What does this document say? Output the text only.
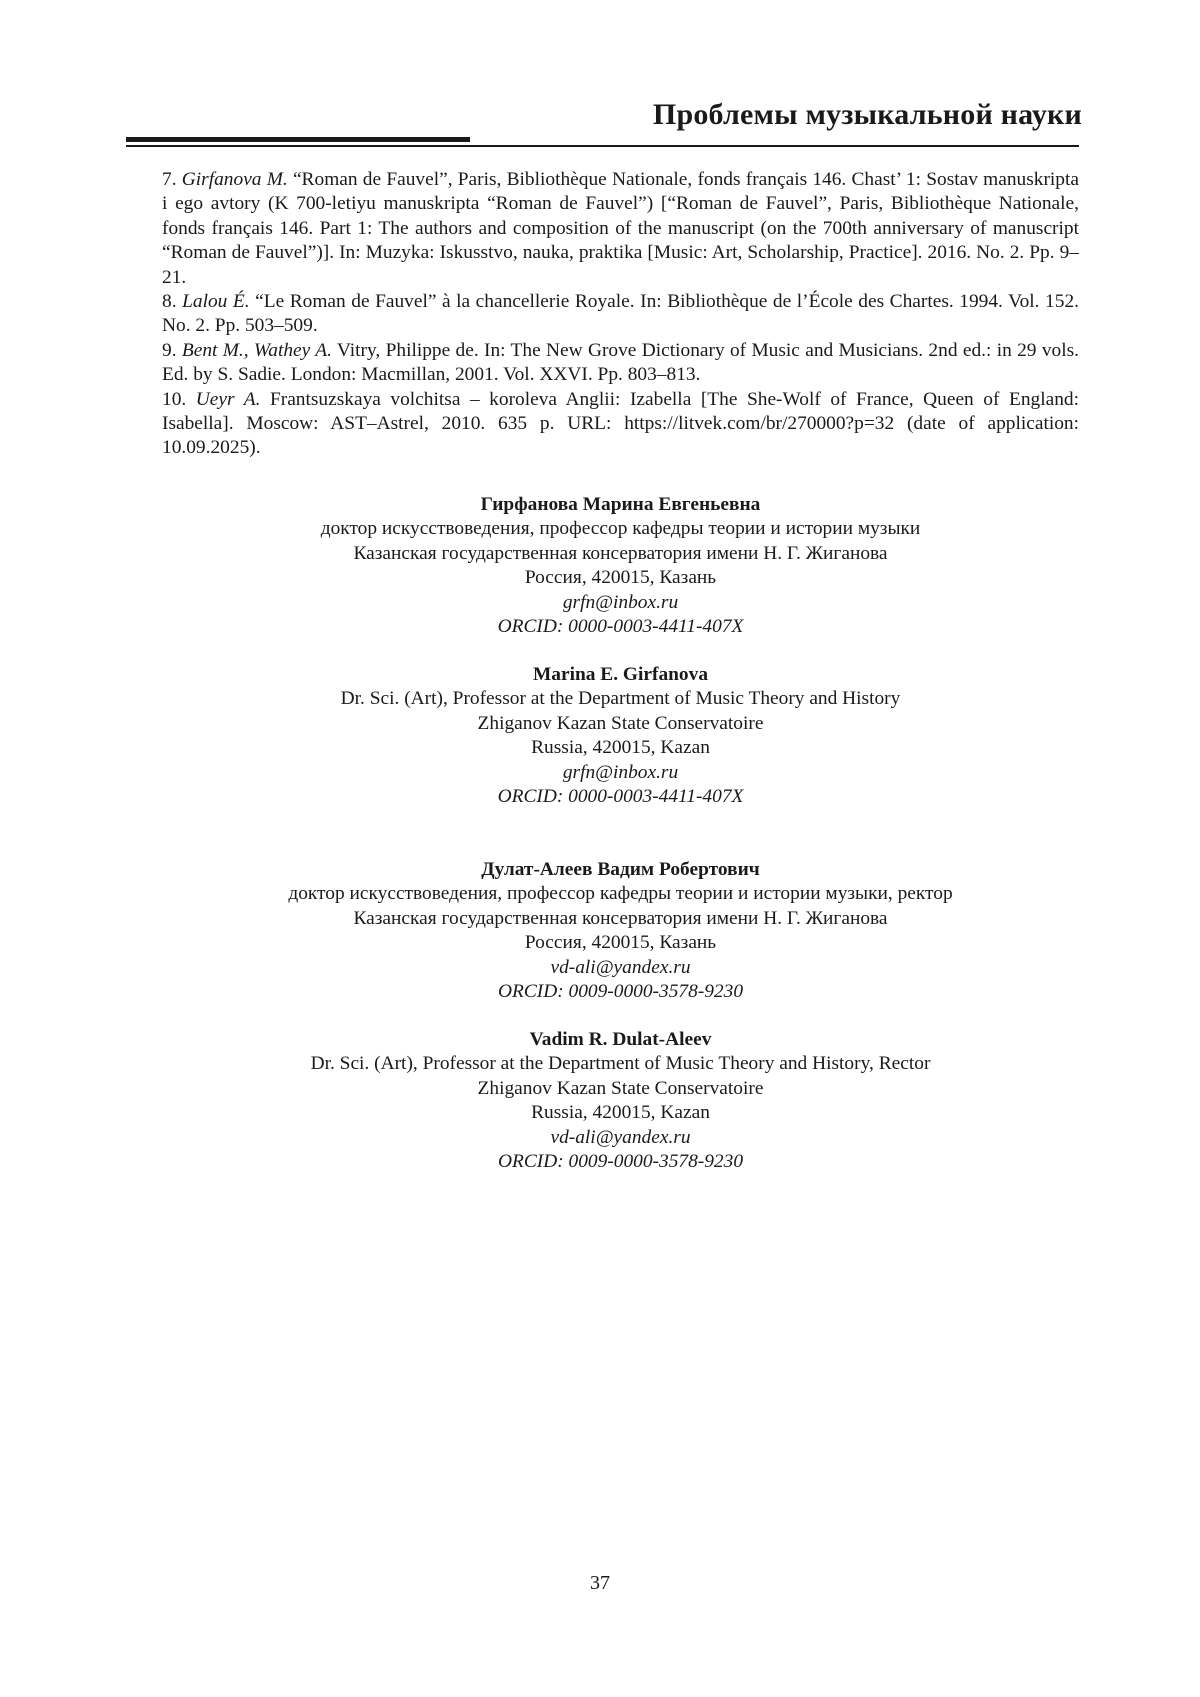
Проблемы музыкальной науки
7. Girfanova M. “Roman de Fauvel”, Paris, Bibliothèque Nationale, fonds français 146. Chast’ 1: Sostav manuskripta i ego avtory (K 700-letiyu manuskripta “Roman de Fauvel”) [“Roman de Fauvel”, Paris, Bibliothèque Nationale, fonds français 146. Part 1: The authors and composition of the manuscript (on the 700th anniversary of manuscript “Roman de Fauvel”)]. In: Muzyka: Iskusstvo, nauka, praktika [Music: Art, Scholarship, Practice]. 2016. No. 2. Pp. 9–21.
8. Lalou É. “Le Roman de Fauvel” à la chancellerie Royale. In: Bibliothèque de l’École des Chartes. 1994. Vol. 152. No. 2. Pp. 503–509.
9. Bent M., Wathey A. Vitry, Philippe de. In: The New Grove Dictionary of Music and Musicians. 2nd ed.: in 29 vols. Ed. by S. Sadie. London: Macmillan, 2001. Vol. XXVI. Pp. 803–813.
10. Ueyr A. Frantsuzskaya volchitsa – koroleva Anglii: Izabella [The She-Wolf of France, Queen of England: Isabella]. Moscow: AST–Astrel, 2010. 635 p. URL: https://litvek.com/br/270000?p=32 (date of application: 10.09.2025).
Гирфанова Марина Евгеньевна
доктор искусствоведения, профессор кафедры теории и истории музыки
Казанская государственная консерватория имени Н. Г. Жиганова
Россия, 420015, Казань
grfn@inbox.ru
ORCID: 0000-0003-4411-407X
Marina E. Girfanova
Dr. Sci. (Art), Professor at the Department of Music Theory and History
Zhiganov Kazan State Conservatoire
Russia, 420015, Kazan
grfn@inbox.ru
ORCID: 0000-0003-4411-407X
Дулат-Алеев Вадим Робертович
доктор искусствоведения, профессор кафедры теории и истории музыки, ректор
Казанская государственная консерватория имени Н. Г. Жиганова
Россия, 420015, Казань
vd-ali@yandex.ru
ORCID: 0009-0000-3578-9230
Vadim R. Dulat-Aleev
Dr. Sci. (Art), Professor at the Department of Music Theory and History, Rector
Zhiganov Kazan State Conservatoire
Russia, 420015, Kazan
vd-ali@yandex.ru
ORCID: 0009-0000-3578-9230
37
